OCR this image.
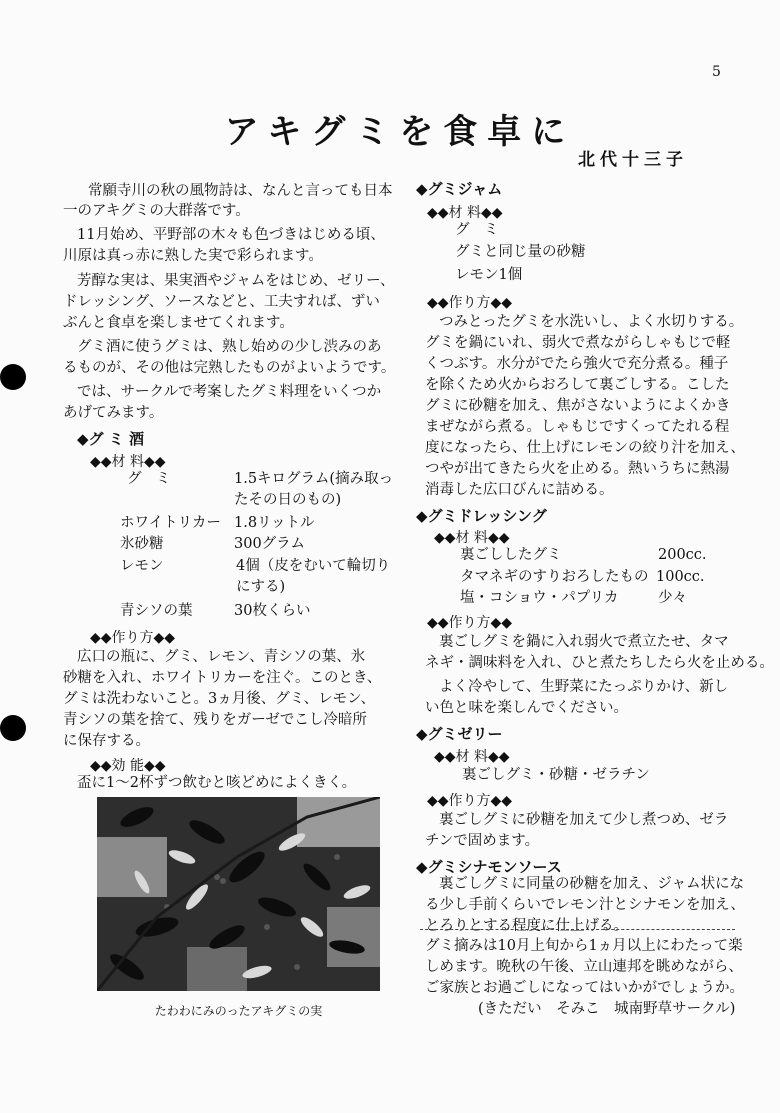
5
アキグミを食卓に
北代十三子
常願寺川の秋の風物詩は、なんと言っても日本
一のアキグミの大群落です。
11月始め、平野部の木々も色づきはじめる頃、
川原は真っ赤に熟した実で彩られます。
芳醇な実は、果実酒やジャムをはじめ、ゼリー、
ドレッシング、ソースなどと、工夫すれば、ずい
ぶんと食卓を楽しませてくれます。
グミ酒に使うグミは、熟し始めの少し渋みのあ
るものが、その他は完熟したものがよいようです。
では、サークルで考案したグミ料理をいくつか
あげてみます。
◆グ ミ 酒
◆◆材 料◆◆
グ　ミ	1.5キログラム(摘み取っ
たその日のもの)
ホワイトリカー 1.8リットル
氷砂糖	300グラム
レモン	4個（皮をむいて輪切り
にする)
青シソの葉	30枚くらい
◆◆作り方◆◆
広口の瓶に、グミ、レモン、青シソの葉、氷
砂糖を入れ、ホワイトリカーを注ぐ。このとき、
グミは洗わないこと。3ヵ月後、グミ、レモン、
青シソの葉を捨て、残りをガーゼでこし冷暗所
に保存する。
◆◆効 能◆◆
盃に1～2杯ずつ飲むと咳どめによくきく。
たわわにみのったアキグミの実
◆グミジャム
◆◆材 料◆◆
グ　ミ
グミと同じ量の砂糖
レモン1個
◆◆作り方◆◆
つみとったグミを水洗いし、よく水切りする。
グミを鍋にいれ、弱火で煮ながらしゃもじで軽
くつぶす。水分がでたら強火で充分煮る。種子
を除くため火からおろして裏ごしする。こした
グミに砂糖を加え、焦がさないようによくかき
まぜながら煮る。しゃもじですくってたれる程
度になったら、仕上げにレモンの絞り汁を加え、
つやが出てきたら火を止める。熱いうちに熱湯
消毒した広口びんに詰める。
◆グミドレッシング
◆◆材 料◆◆
裏ごししたグミ	200cc.
タマネギのすりおろしたもの 100cc.
塩・コショウ・パプリカ	少々
◆◆作り方◆◆
裏ごしグミを鍋に入れ弱火で煮立たせ、タマ
ネギ・調味料を入れ、ひと煮たちしたら火を止める。
よく冷やして、生野菜にたっぷりかけ、新し
い色と味を楽しんでください。
◆グミゼリー
◆◆材 料◆◆
裏ごしグミ・砂糖・ゼラチン
◆◆作り方◆◆
裏ごしグミに砂糖を加えて少し煮つめ、ゼラ
チンで固めます。
◆グミシナモンソース
裏ごしグミに同量の砂糖を加え、ジャム状にな
る少し手前くらいでレモン汁とシナモンを加え、
とろりとする程度に仕上げる。
グミ摘みは10月上旬から1ヵ月以上にわたって楽
しめます。晩秋の午後、立山連邦を眺めながら、
ご家族とお過ごしになってはいかがでしょうか。
(きただい　そみこ　城南野草サークル)
